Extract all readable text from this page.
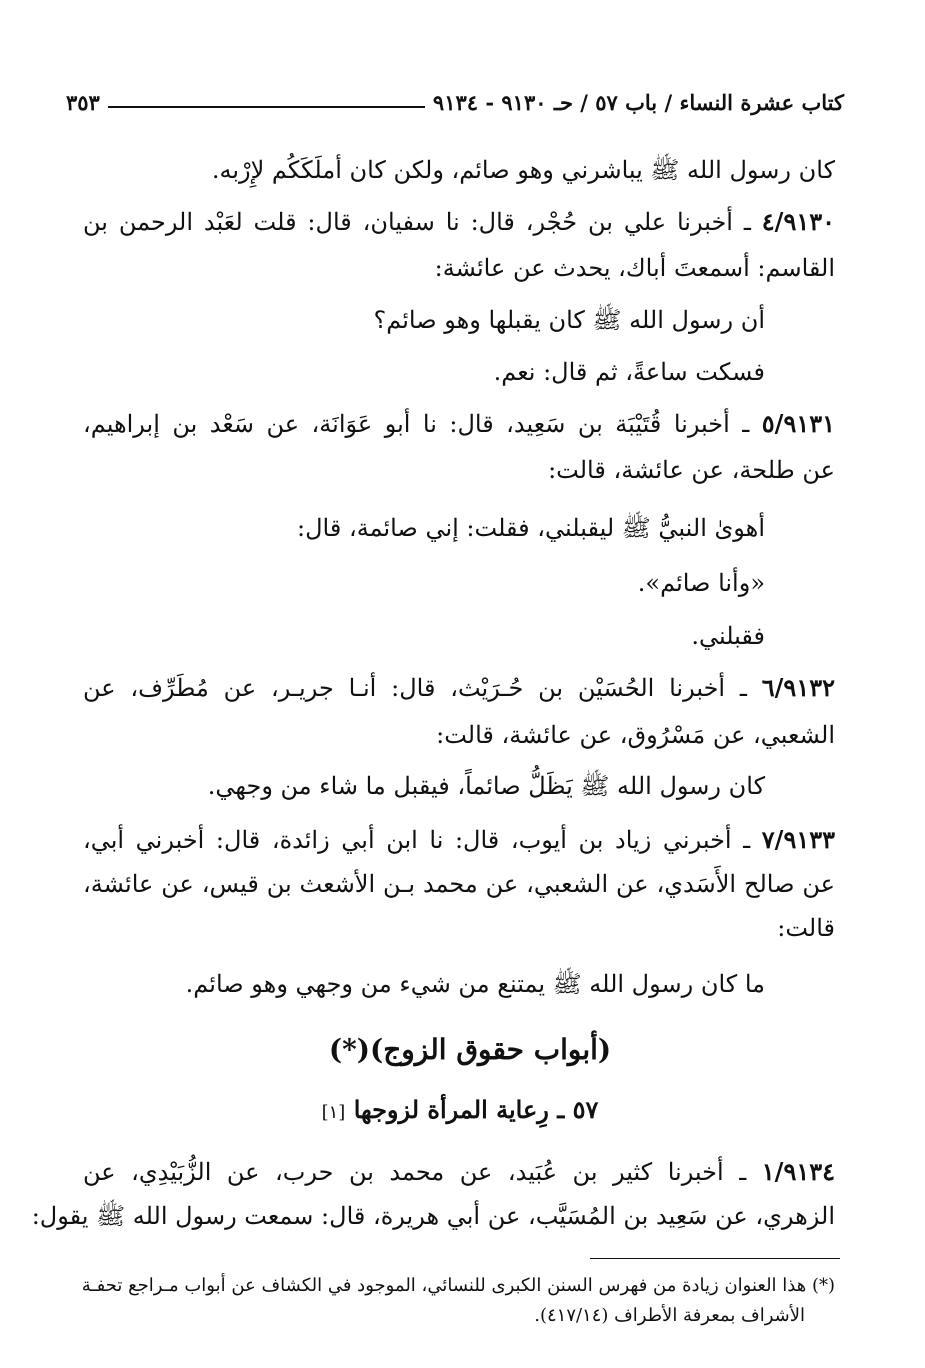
كتاب عشرة النساء / باب ٥٧ / حـ ٩١٣٠ - ٩١٣٤
٣٥٣
كان رسول الله ﷺ يباشرني وهو صائم، ولكن كان أملَكَكُم لإِرْبه.
٤/٩١٣٠ ـ أخبرنا علي بن حُجْر، قال: نا سفيان، قال: قلت لعَبْد الرحمن بن
القاسم: أسمعتَ أباك، يحدث عن عائشة:
أن رسول الله ﷺ كان يقبلها وهو صائم؟
فسكت ساعةً، ثم قال: نعم.
٥/٩١٣١ ـ أخبرنا قُتَيْبَة بن سَعِيد، قال: نا أبو عَوَانَة، عن سَعْد بن إبراهيم،
عن طلحة، عن عائشة، قالت:
أهوىٰ النبيُّ ﷺ ليقبلني، فقلت: إني صائمة، قال:
«وأنا صائم».
فقبلني.
٦/٩١٣٢ ـ أخبرنا الحُسَيْن بن حُـرَيْث، قال: أنـا جريـر، عن مُطَرِّف، عن
الشعبي، عن مَسْرُوق، عن عائشة، قالت:
كان رسول الله ﷺ يَظَلُّ صائماً، فيقبل ما شاء من وجهي.
٧/٩١٣٣ ـ أخبرني زياد بن أيوب، قال: نا ابن أبي زائدة، قال: أخبرني أبي،
عن صالح الأَسَدي، عن الشعبي، عن محمد بـن الأشعث بن قيس، عن عائشة،
قالت:
ما كان رسول الله ﷺ يمتنع من شيء من وجهي وهو صائم.
(أبواب حقوق الزوج)(*)
٥٧ ـ رِعاية المرأة لزوجها [١]
١/٩١٣٤ ـ أخبرنا كثير بن عُبَيد، عن محمد بن حرب، عن الزُّبَيْدِي، عن
الزهري، عن سَعِيد بن المُسَيَّب، عن أبي هريرة، قال: سمعت رسول الله ﷺ يقول:
(*) هذا العنوان زيادة من فهرس السنن الكبرى للنسائي، الموجود في الكشاف عن أبواب مـراجع تحفـة
الأشراف بمعرفة الأطراف (٤١٧/١٤).
